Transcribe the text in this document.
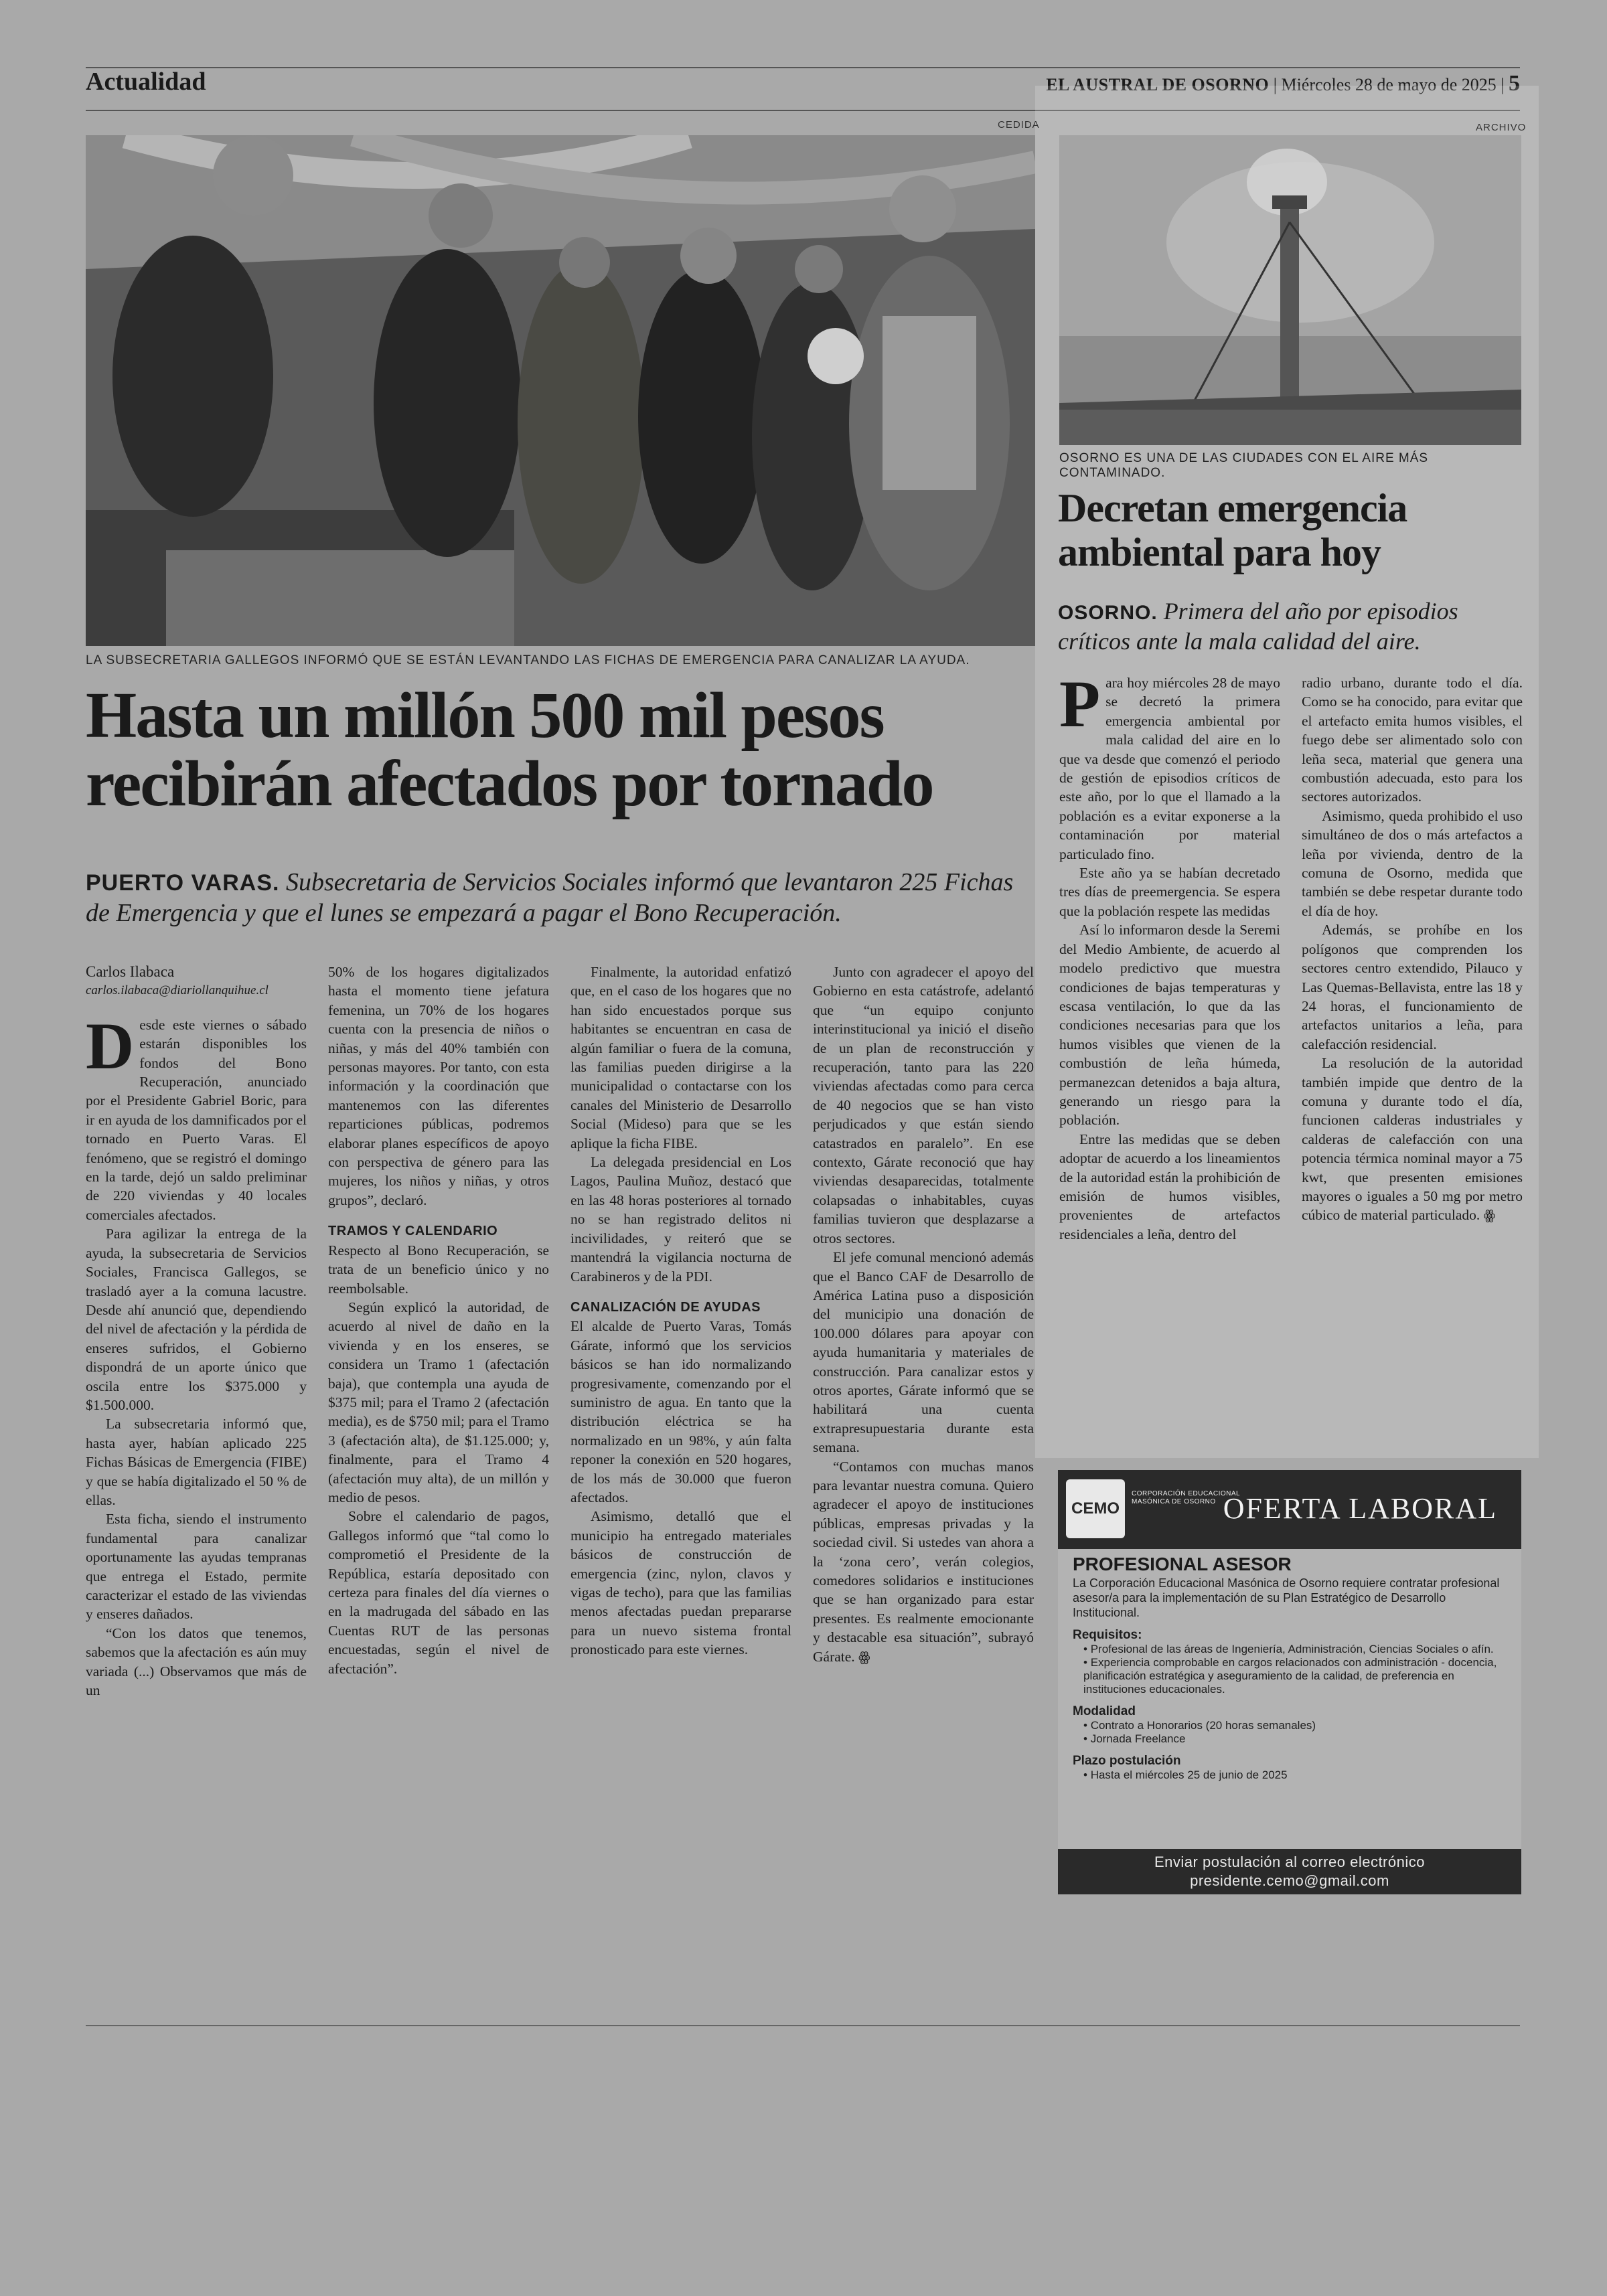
Actualidad	EL AUSTRAL DE OSORNO | Miércoles 28 de mayo de 2025 | 5
CEDIDA
LA SUBSECRETARIA GALLEGOS INFORMÓ QUE SE ESTÁN LEVANTANDO LAS FICHAS DE EMERGENCIA PARA CANALIZAR LA AYUDA.
Hasta un millón 500 mil pesos recibirán afectados por tornado
PUERTO VARAS. Subsecretaria de Servicios Sociales informó que levantaron 225 Fichas de Emergencia y que el lunes se empezará a pagar el Bono Recuperación.
Carlos Ilabaca
carlos.ilabaca@diariollanquihue.cl

Desde este viernes o sábado estarán disponibles los fondos del Bono Recuperación, anunciado por el Presidente Gabriel Boric, para ir en ayuda de los damnificados por el tornado en Puerto Varas. El fenómeno, que se registró el domingo en la tarde, dejó un saldo preliminar de 220 viviendas y 40 locales comerciales afectados.

Para agilizar la entrega de la ayuda, la subsecretaria de Servicios Sociales, Francisca Gallegos, se trasladó ayer a la comuna lacustre. Desde ahí anunció que, dependiendo del nivel de afectación y la pérdida de enseres sufridos, el Gobierno dispondrá de un aporte único que oscila entre los $375.000 y $1.500.000.

La subsecretaria informó que, hasta ayer, habían aplicado 225 Fichas Básicas de Emergencia (FIBE) y que se había digitalizado el 50 % de ellas.

Esta ficha, siendo el instrumento fundamental para canalizar oportunamente las ayudas tempranas que entrega el Estado, permite caracterizar el estado de las viviendas y enseres dañados.

“Con los datos que tenemos, sabemos que la afectación es aún muy variada (...) Observamos que más de un

50% de los hogares digitalizados hasta el momento tiene jefatura femenina, un 70% de los hogares cuenta con la presencia de niños o niñas, y más del 40% también con personas mayores. Por tanto, con esta información y la coordinación que mantenemos con las diferentes reparticiones públicas, podremos elaborar planes específicos de apoyo con perspectiva de género para las mujeres, los niños y niñas, y otros grupos”, declaró.

TRAMOS Y CALENDARIO

Respecto al Bono Recuperación, se trata de un beneficio único y no reembolsable.

Según explicó la autoridad, de acuerdo al nivel de daño en la vivienda y en los enseres, se considera un Tramo 1 (afectación baja), que contempla una ayuda de $375 mil; para el Tramo 2 (afectación media), es de $750 mil; para el Tramo 3 (afectación alta), de $1.125.000; y, finalmente, para el Tramo 4 (afectación muy alta), de un millón y medio de pesos.

Sobre el calendario de pagos, Gallegos informó que “tal como lo comprometió el Presidente de la República, estaría depositado con certeza para finales del día viernes o en la madrugada del sábado en las Cuentas RUT de las personas encuestadas, según el nivel de afectación”.

Finalmente, la autoridad enfatizó que, en el caso de los hogares que no han sido encuestados porque sus habitantes se encuentran en casa de algún familiar o fuera de la comuna, las familias pueden dirigirse a la municipalidad o contactarse con los canales del Ministerio de Desarrollo Social (Mideso) para que se les aplique la ficha FIBE.

La delegada presidencial en Los Lagos, Paulina Muñoz, destacó que en las 48 horas posteriores al tornado no se han registrado delitos ni incivilidades, y reiteró que se mantendrá la vigilancia nocturna de Carabineros y de la PDI.

CANALIZACIÓN DE AYUDAS

El alcalde de Puerto Varas, Tomás Gárate, informó que los servicios básicos se han ido normalizando progresivamente, comenzando por el suministro de agua. En tanto que la distribución eléctrica se ha normalizado en un 98%, y aún falta reponer la conexión en 520 hogares, de los más de 30.000 que fueron afectados.

Asimismo, detalló que el municipio ha entregado materiales básicos de construcción de emergencia (zinc, nylon, clavos y vigas de techo), para que las familias menos afectadas puedan prepararse para un nuevo sistema frontal pronosticado para este viernes.

Junto con agradecer el apoyo del Gobierno en esta catástrofe, adelantó que “un equipo conjunto interinstitucional ya inició el diseño de un plan de reconstrucción y recuperación, tanto para las 220 viviendas afectadas como para cerca de 40 negocios que se han visto perjudicados y que están siendo catastrados en paralelo”. En ese contexto, Gárate reconoció que hay viviendas desaparecidas, totalmente colapsadas o inhabitables, cuyas familias tuvieron que desplazarse a otros sectores.

El jefe comunal mencionó además que el Banco CAF de Desarrollo de América Latina puso a disposición del municipio una donación de 100.000 dólares para apoyar con ayuda humanitaria y materiales de construcción. Para canalizar estos y otros aportes, Gárate informó que se habilitará una cuenta extrapresupuestaria durante esta semana.

“Contamos con muchas manos para levantar nuestra comuna. Quiero agradecer el apoyo de instituciones públicas, empresas privadas y la sociedad civil. Si ustedes van ahora a la ‘zona cero’, verán colegios, comedores solidarios e instituciones que se han organizado para estar presentes. Es realmente emocionante y destacable esa situación”, subrayó Gárate. ꙮ

ARCHIVO
OSORNO ES UNA DE LAS CIUDADES CON EL AIRE MÁS CONTAMINADO.
Decretan emergencia ambiental para hoy
OSORNO. Primera del año por episodios críticos ante la mala calidad del aire.

Para hoy miércoles 28 de mayo se decretó la primera emergencia ambiental por mala calidad del aire en lo que va desde que comenzó el periodo de gestión de episodios críticos de este año, por lo que el llamado a la población es a evitar exponerse a la contaminación por material particulado fino.

Este año ya se habían decretado tres días de preemergencia. Se espera que la población respete las medidas

Así lo informaron desde la Seremi del Medio Ambiente, de acuerdo al modelo predictivo que muestra condiciones de bajas temperaturas y escasa ventilación, lo que da las condiciones necesarias para que los humos visibles que vienen de la combustión de leña húmeda, permanezcan detenidos a baja altura, generando un riesgo para la población.

Entre las medidas que se deben adoptar de acuerdo a los lineamientos de la autoridad están la prohibición de emisión de humos visibles, provenientes de artefactos residenciales a leña, dentro del

radio urbano, durante todo el día. Como se ha conocido, para evitar que el artefacto emita humos visibles, el fuego debe ser alimentado solo con leña seca, material que genera una combustión adecuada, esto para los sectores autorizados.

Asimismo, queda prohibido el uso simultáneo de dos o más artefactos a leña por vivienda, dentro de la comuna de Osorno, medida que también se debe respetar durante todo el día de hoy.

Además, se prohíbe en los polígonos que comprenden los sectores centro extendido, Pilauco y Las Quemas-Bellavista, entre las 18 y 24 horas, el funcionamiento de artefactos unitarios a leña, para calefacción residencial.

La resolución de la autoridad también impide que dentro de la comuna y durante todo el día, funcionen calderas industriales y calderas de calefacción con una potencia térmica nominal mayor a 75 kwt, que presenten emisiones mayores o iguales a 50 mg por metro cúbico de material particulado. ꙮ

CEMO
CORPORACIÓN EDUCACIONAL MASÓNICA DE OSORNO OFERTA LABORAL
PROFESIONAL ASESOR
La Corporación Educacional Masónica de Osorno requiere contratar profesional asesor/a para la implementación de su Plan Estratégico de Desarrollo Institucional.
Requisitos:
• Profesional de las áreas de Ingeniería, Administración, Ciencias Sociales o afín.
• Experiencia comprobable en cargos relacionados con administración - docencia, planificación estratégica y aseguramiento de la calidad, de preferencia en instituciones educacionales.
Modalidad
• Contrato a Honorarios (20 horas semanales)
• Jornada Freelance
Plazo postulación
• Hasta el miércoles 25 de junio de 2025
Enviar postulación al correo electrónico
presidente.cemo@gmail.com
